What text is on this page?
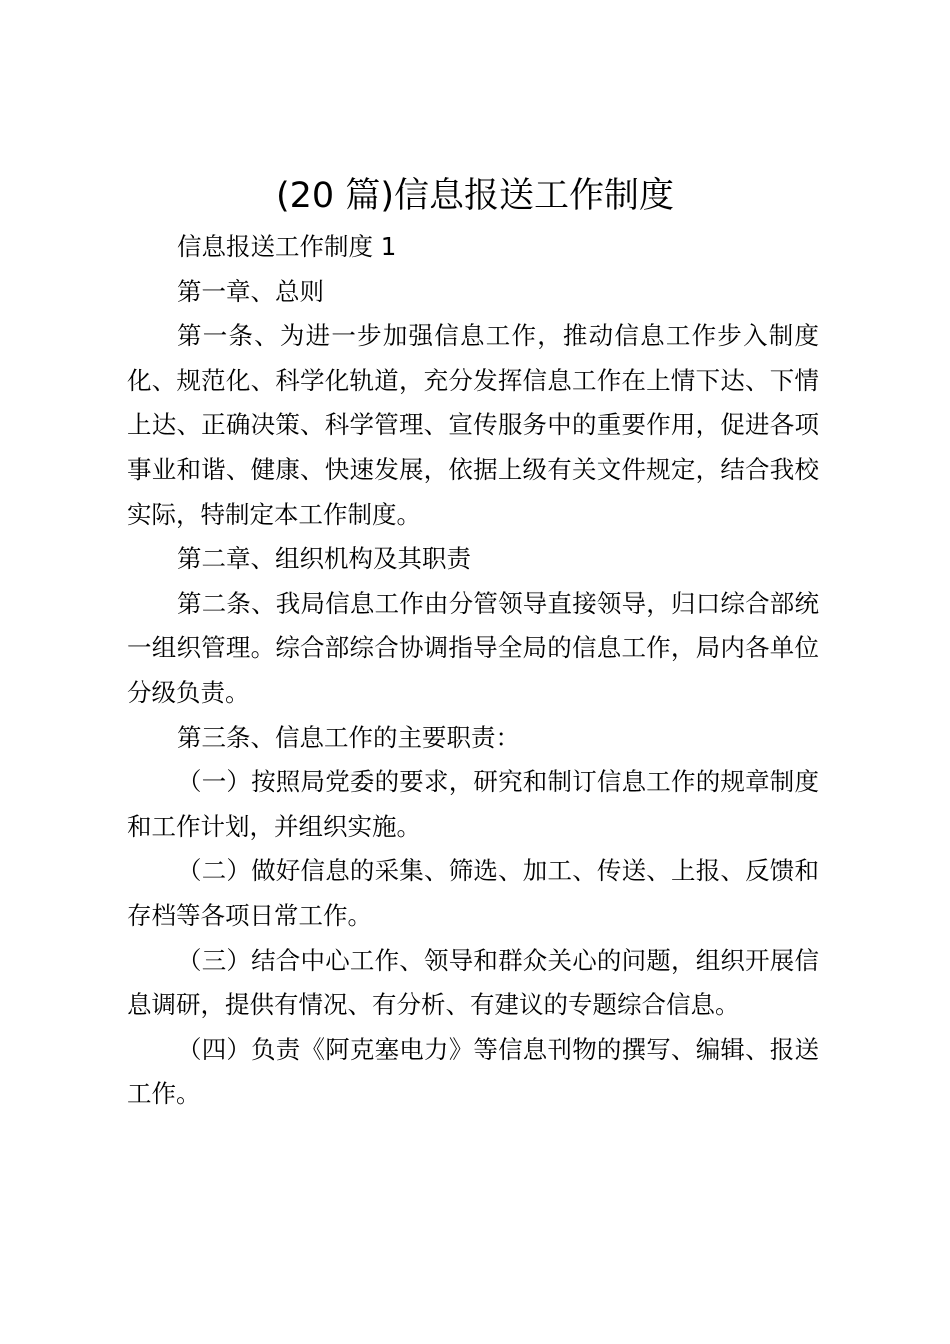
(20 篇)信息报送工作制度

信息报送工作制度 1

第一章、总则

第一条、为进一步加强信息工作，推动信息工作步入制度化、规范化、科学化轨道，充分发挥信息工作在上情下达、下情上达、正确决策、科学管理、宣传服务中的重要作用，促进各项事业和谐、健康、快速发展，依据上级有关文件规定，结合我校实际，特制定本工作制度。

第二章、组织机构及其职责

第二条、我局信息工作由分管领导直接领导，归口综合部统一组织管理。综合部综合协调指导全局的信息工作，局内各单位分级负责。

第三条、信息工作的主要职责：

（一）按照局党委的要求，研究和制订信息工作的规章制度和工作计划，并组织实施。

（二）做好信息的采集、筛选、加工、传送、上报、反馈和存档等各项日常工作。

（三）结合中心工作、领导和群众关心的问题，组织开展信息调研，提供有情况、有分析、有建议的专题综合信息。

（四）负责《阿克塞电力》等信息刊物的撰写、编辑、报送工作。
